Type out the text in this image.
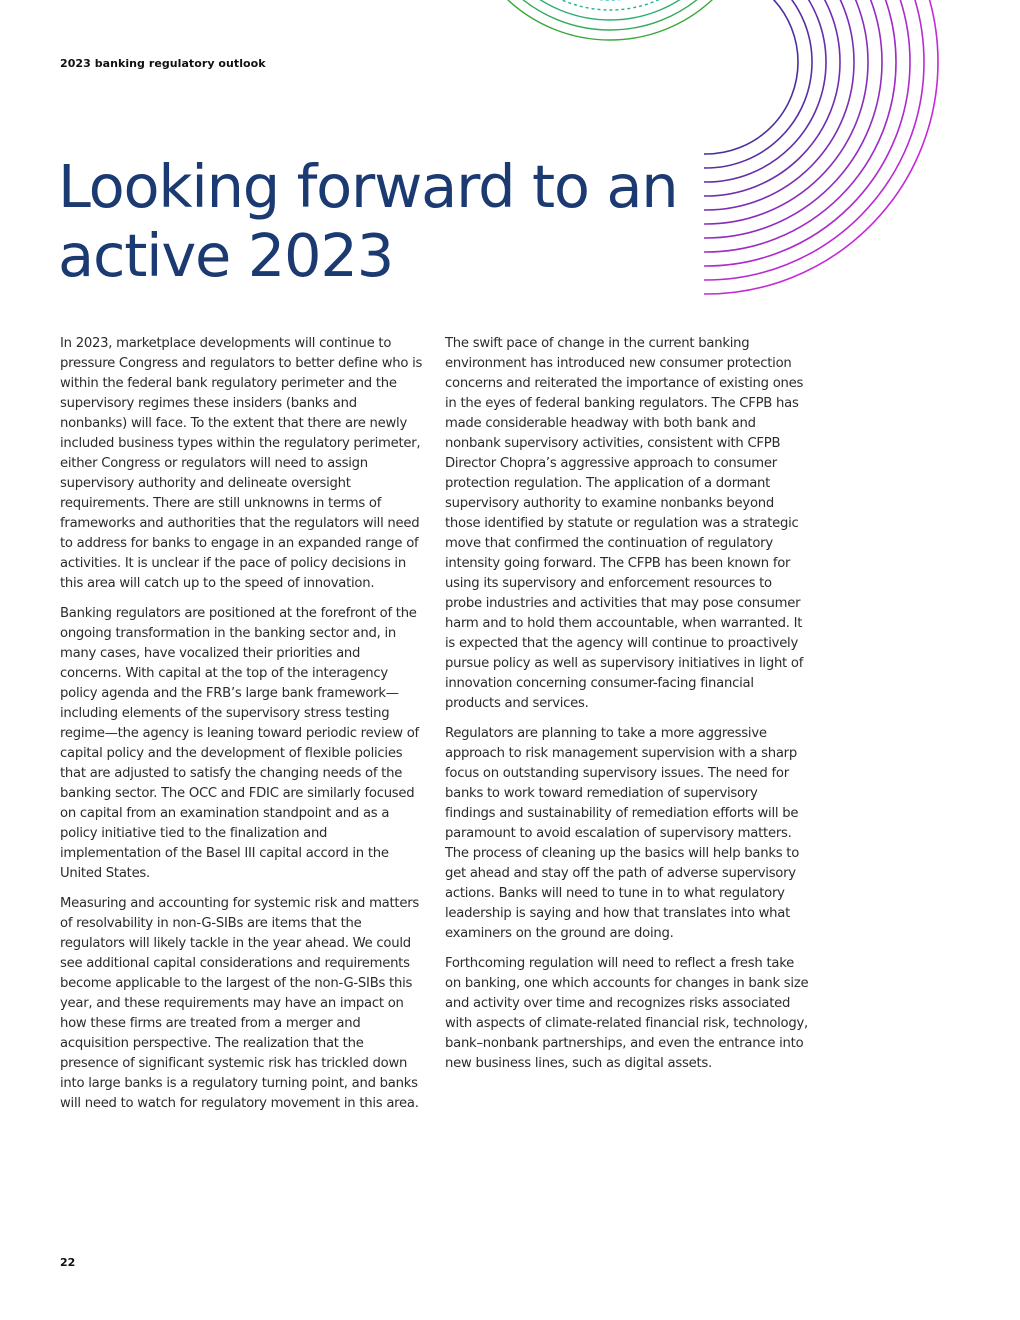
2023 banking regulatory outlook
Looking forward to an active 2023

In 2023, marketplace developments will continue to pressure Congress and regulators to better define who is within the federal bank regulatory perimeter and the supervisory regimes these insiders (banks and nonbanks) will face. To the extent that there are newly included business types within the regulatory perimeter, either Congress or regulators will need to assign supervisory authority and delineate oversight requirements. There are still unknowns in terms of frameworks and authorities that the regulators will need to address for banks to engage in an expanded range of activities. It is unclear if the pace of policy decisions in this area will catch up to the speed of innovation.

Banking regulators are positioned at the forefront of the ongoing transformation in the banking sector and, in many cases, have vocalized their priorities and concerns. With capital at the top of the interagency policy agenda and the FRB’s large bank framework—including elements of the supervisory stress testing regime—the agency is leaning toward periodic review of capital policy and the development of flexible policies that are adjusted to satisfy the changing needs of the banking sector. The OCC and FDIC are similarly focused on capital from an examination standpoint and as a policy initiative tied to the finalization and implementation of the Basel III capital accord in the United States.

Measuring and accounting for systemic risk and matters of resolvability in non-G-SIBs are items that the regulators will likely tackle in the year ahead. We could see additional capital considerations and requirements become applicable to the largest of the non-G-SIBs this year, and these requirements may have an impact on how these firms are treated from a merger and acquisition perspective. The realization that the presence of significant systemic risk has trickled down into large banks is a regulatory turning point, and banks will need to watch for regulatory movement in this area.

The swift pace of change in the current banking environment has introduced new consumer protection concerns and reiterated the importance of existing ones in the eyes of federal banking regulators. The CFPB has made considerable headway with both bank and nonbank supervisory activities, consistent with CFPB Director Chopra’s aggressive approach to consumer protection regulation. The application of a dormant supervisory authority to examine nonbanks beyond those identified by statute or regulation was a strategic move that confirmed the continuation of regulatory intensity going forward. The CFPB has been known for using its supervisory and enforcement resources to probe industries and activities that may pose consumer harm and to hold them accountable, when warranted. It is expected that the agency will continue to proactively pursue policy as well as supervisory initiatives in light of innovation concerning consumer-facing financial products and services.

Regulators are planning to take a more aggressive approach to risk management supervision with a sharp focus on outstanding supervisory issues. The need for banks to work toward remediation of supervisory findings and sustainability of remediation efforts will be paramount to avoid escalation of supervisory matters. The process of cleaning up the basics will help banks to get ahead and stay off the path of adverse supervisory actions. Banks will need to tune in to what regulatory leadership is saying and how that translates into what examiners on the ground are doing.

Forthcoming regulation will need to reflect a fresh take on banking, one which accounts for changes in bank size and activity over time and recognizes risks associated with aspects of climate-related financial risk, technology, bank–nonbank partnerships, and even the entrance into new business lines, such as digital assets.

22
